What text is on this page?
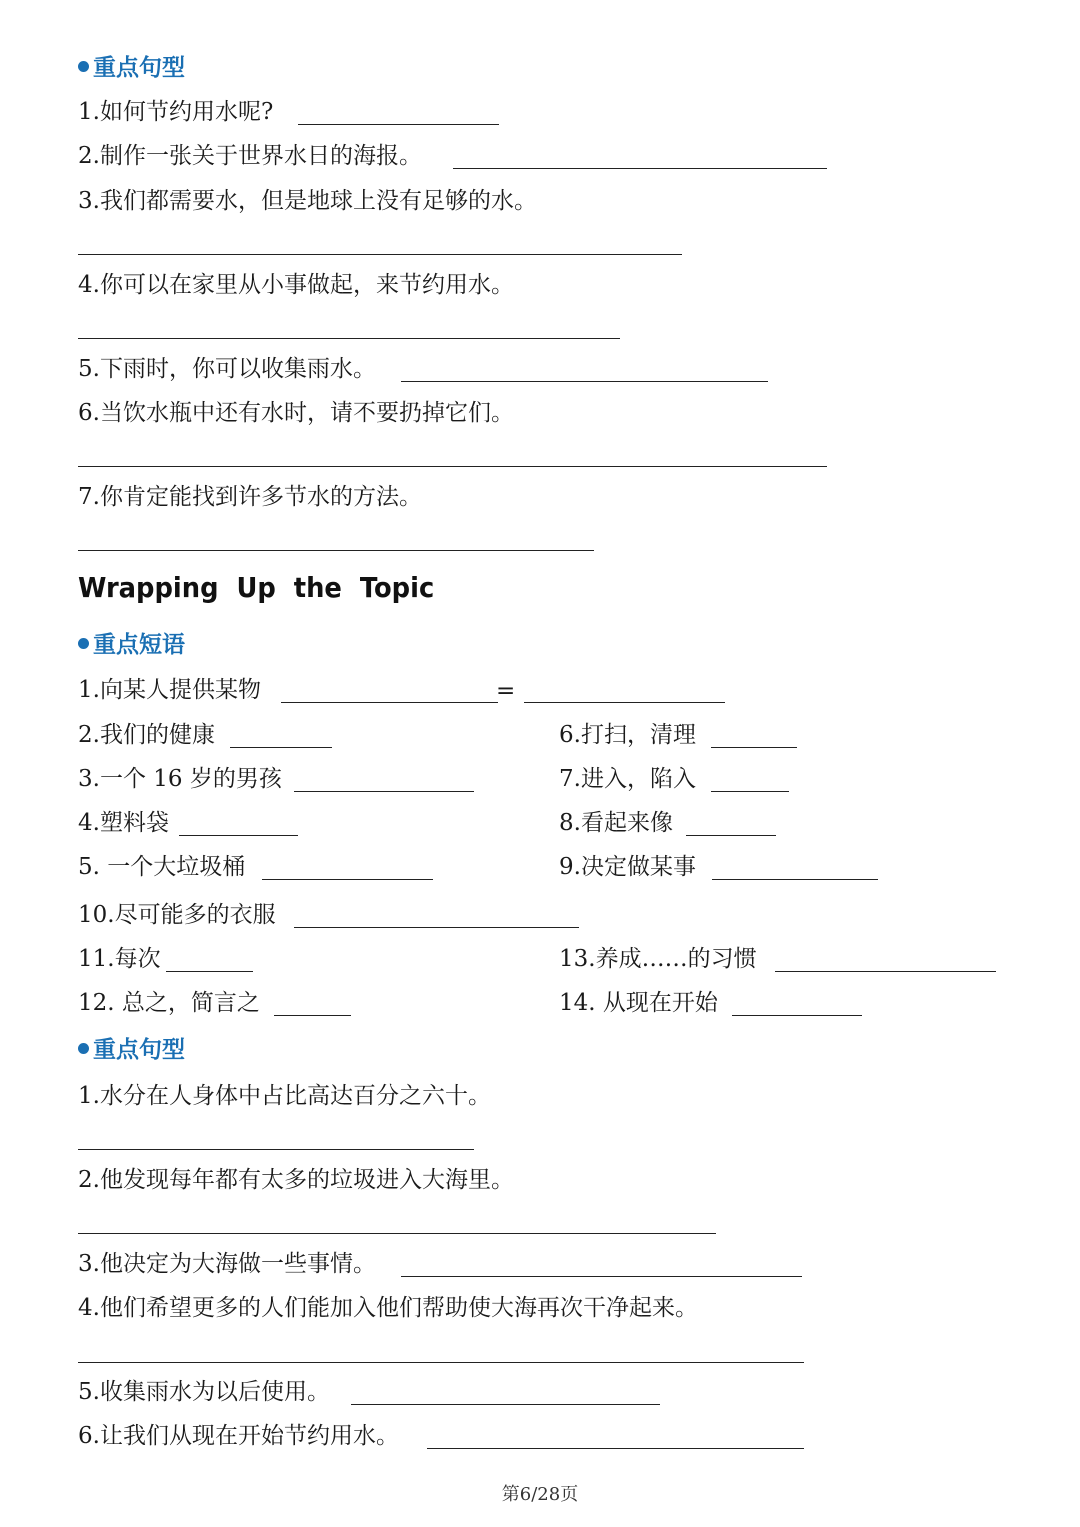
重点句型
1.如何节约用水呢?
2.制作一张关于世界水日的海报。
3.我们都需要水，但是地球上没有足够的水。
4.你可以在家里从小事做起，来节约用水。
5.下雨时，你可以收集雨水。
6.当饮水瓶中还有水时，请不要扔掉它们。
7.你肯定能找到许多节水的方法。
Wrapping  Up  the  Topic
重点短语
1.向某人提供某物	=
2.我们的健康	6.打扫，清理
3.一个 16 岁的男孩	7.进入，陷入
4.塑料袋	8.看起来像
5. 一个大垃圾桶	9.决定做某事
10.尽可能多的衣服
11.每次	13.养成……的习惯
12. 总之，简言之	14. 从现在开始
重点句型
1.水分在人身体中占比高达百分之六十。
2.他发现每年都有太多的垃圾进入大海里。
3.他决定为大海做一些事情。
4.他们希望更多的人们能加入他们帮助使大海再次干净起来。
5.收集雨水为以后使用。
6.让我们从现在开始节约用水。
第6/28页
